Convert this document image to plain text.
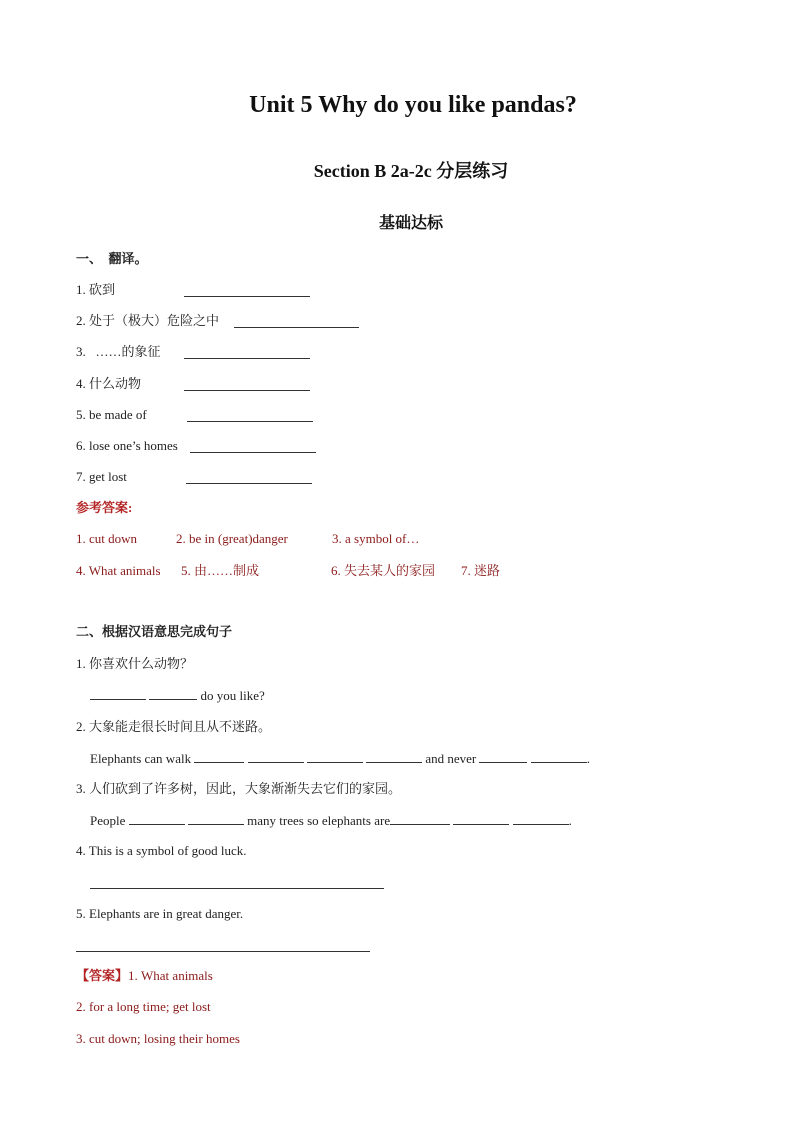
Unit 5 Why do you like pandas?
Section B 2a-2c 分层练习
基础达标
一、  翻译。
1. 砍到
2. 处于（极大）危险之中
3.   ……的象征
4. 什么动物
5. be made of
6. lose one’s homes
7. get lost
参考答案:
1. cut down	2. be in (great)danger	3. a symbol of…
4. What animals 5. 由……制成	6. 失去某人的家园 7. 迷路
二、根据汉语意思完成句子
1. 你喜欢什么动物？
do you like?
2. 大象能走很长时间且从不迷路。
Elephants can walk	and never	.
3. 人们砍到了许多树，因此，大象渐渐失去它们的家园。
People	many trees so elephants are	.
4. This is a symbol of good luck.
5. Elephants are in great danger.
【答案】1. What animals
2. for a long time; get lost
3. cut down; losing their homes
